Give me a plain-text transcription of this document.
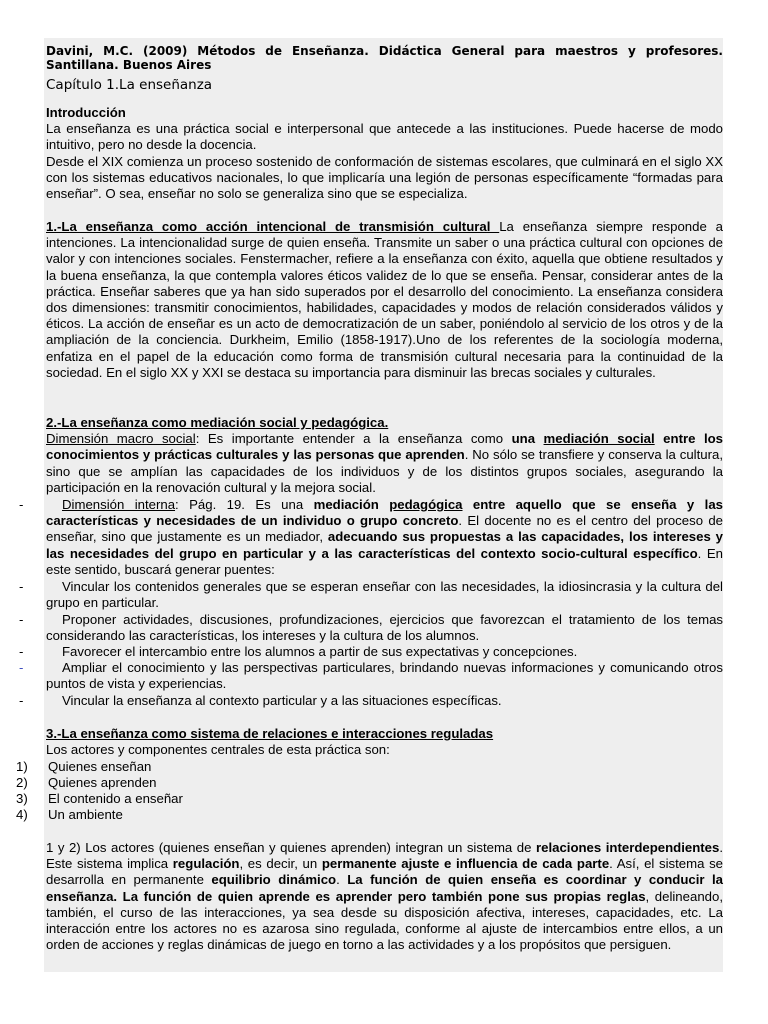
Davini, M.C. (2009) Métodos de Enseñanza. Didáctica General para maestros y profesores. Santillana. Buenos Aires
Capítulo 1.La enseñanza
Introducción
La enseñanza es una práctica social e interpersonal que antecede a las instituciones. Puede hacerse de modo intuitivo, pero no desde la docencia.
Desde el XIX comienza un proceso sostenido de conformación de sistemas escolares, que culminará en el siglo XX con los sistemas educativos nacionales, lo que implicaría una legión de personas específicamente “formadas para enseñar”. O sea, enseñar no solo se generaliza sino que se especializa.
1.-La enseñanza como acción intencional de transmisión cultural La enseñanza siempre responde a intenciones. La intencionalidad surge de quien enseña. Transmite un saber o una práctica cultural con opciones de valor y con intenciones sociales. Fenstermacher, refiere a la enseñanza con éxito, aquella que obtiene resultados y la buena enseñanza, la que contempla valores éticos validez de lo que se enseña. Pensar, considerar antes de la práctica. Enseñar saberes que ya han sido superados por el desarrollo del conocimiento. La enseñanza considera dos dimensiones: transmitir conocimientos, habilidades, capacidades y modos de relación considerados válidos y éticos. La acción de enseñar es un acto de democratización de un saber, poniéndolo al servicio de los otros y de la ampliación de la conciencia. Durkheim, Emilio (1858-1917).Uno de los referentes de la sociología moderna, enfatiza en el papel de la educación como forma de transmisión cultural necesaria para la continuidad de la sociedad. En el siglo XX y XXI se destaca su importancia para disminuir las brecas sociales y culturales.
2.-La enseñanza como mediación social y pedagógica.
Dimensión macro social: Es importante entender a la enseñanza como una mediación social entre los conocimientos y prácticas culturales y las personas que aprenden. No sólo se transfiere y conserva la cultura, sino que se amplían las capacidades de los individuos y de los distintos grupos sociales, asegurando la participación en la renovación cultural y la mejora social.
-	Dimensión interna: Pág. 19. Es una mediación pedagógica entre aquello que se enseña y las características y necesidades de un individuo o grupo concreto. El docente no es el centro del proceso de enseñar, sino que justamente es un mediador, adecuando sus propuestas a las capacidades, los intereses y las necesidades del grupo en particular y a las características del contexto socio-cultural específico. En este sentido, buscará generar puentes:
-	Vincular los contenidos generales que se esperan enseñar con las necesidades, la idiosincrasia y la cultura del grupo en particular.
-	Proponer actividades, discusiones, profundizaciones, ejercicios que favorezcan el tratamiento de los temas considerando las características, los intereses y la cultura de los alumnos.
-	Favorecer el intercambio entre los alumnos a partir de sus expectativas y concepciones.
-	Ampliar el conocimiento y las perspectivas particulares, brindando nuevas informaciones y comunicando otros puntos de vista y experiencias.
-	Vincular la enseñanza al contexto particular y a las situaciones específicas.
3.-La enseñanza como sistema de relaciones e interacciones reguladas
Los actores y componentes centrales de esta práctica son:
1) Quienes enseñan
2) Quienes aprenden
3) El contenido a enseñar
4) Un ambiente
1 y 2) Los actores (quienes enseñan y quienes aprenden) integran un sistema de relaciones interdependientes. Este sistema implica regulación, es decir, un permanente ajuste e influencia de cada parte. Así, el sistema se desarrolla en permanente equilibrio dinámico. La función de quien enseña es coordinar y conducir la enseñanza. La función de quien aprende es aprender pero también pone sus propias reglas, delineando, también, el curso de las interacciones, ya sea desde su disposición afectiva, intereses, capacidades, etc. La interacción entre los actores no es azarosa sino regulada, conforme al ajuste de intercambios entre ellos, a un orden de acciones y reglas dinámicas de juego en torno a las actividades y a los propósitos que persiguen.
